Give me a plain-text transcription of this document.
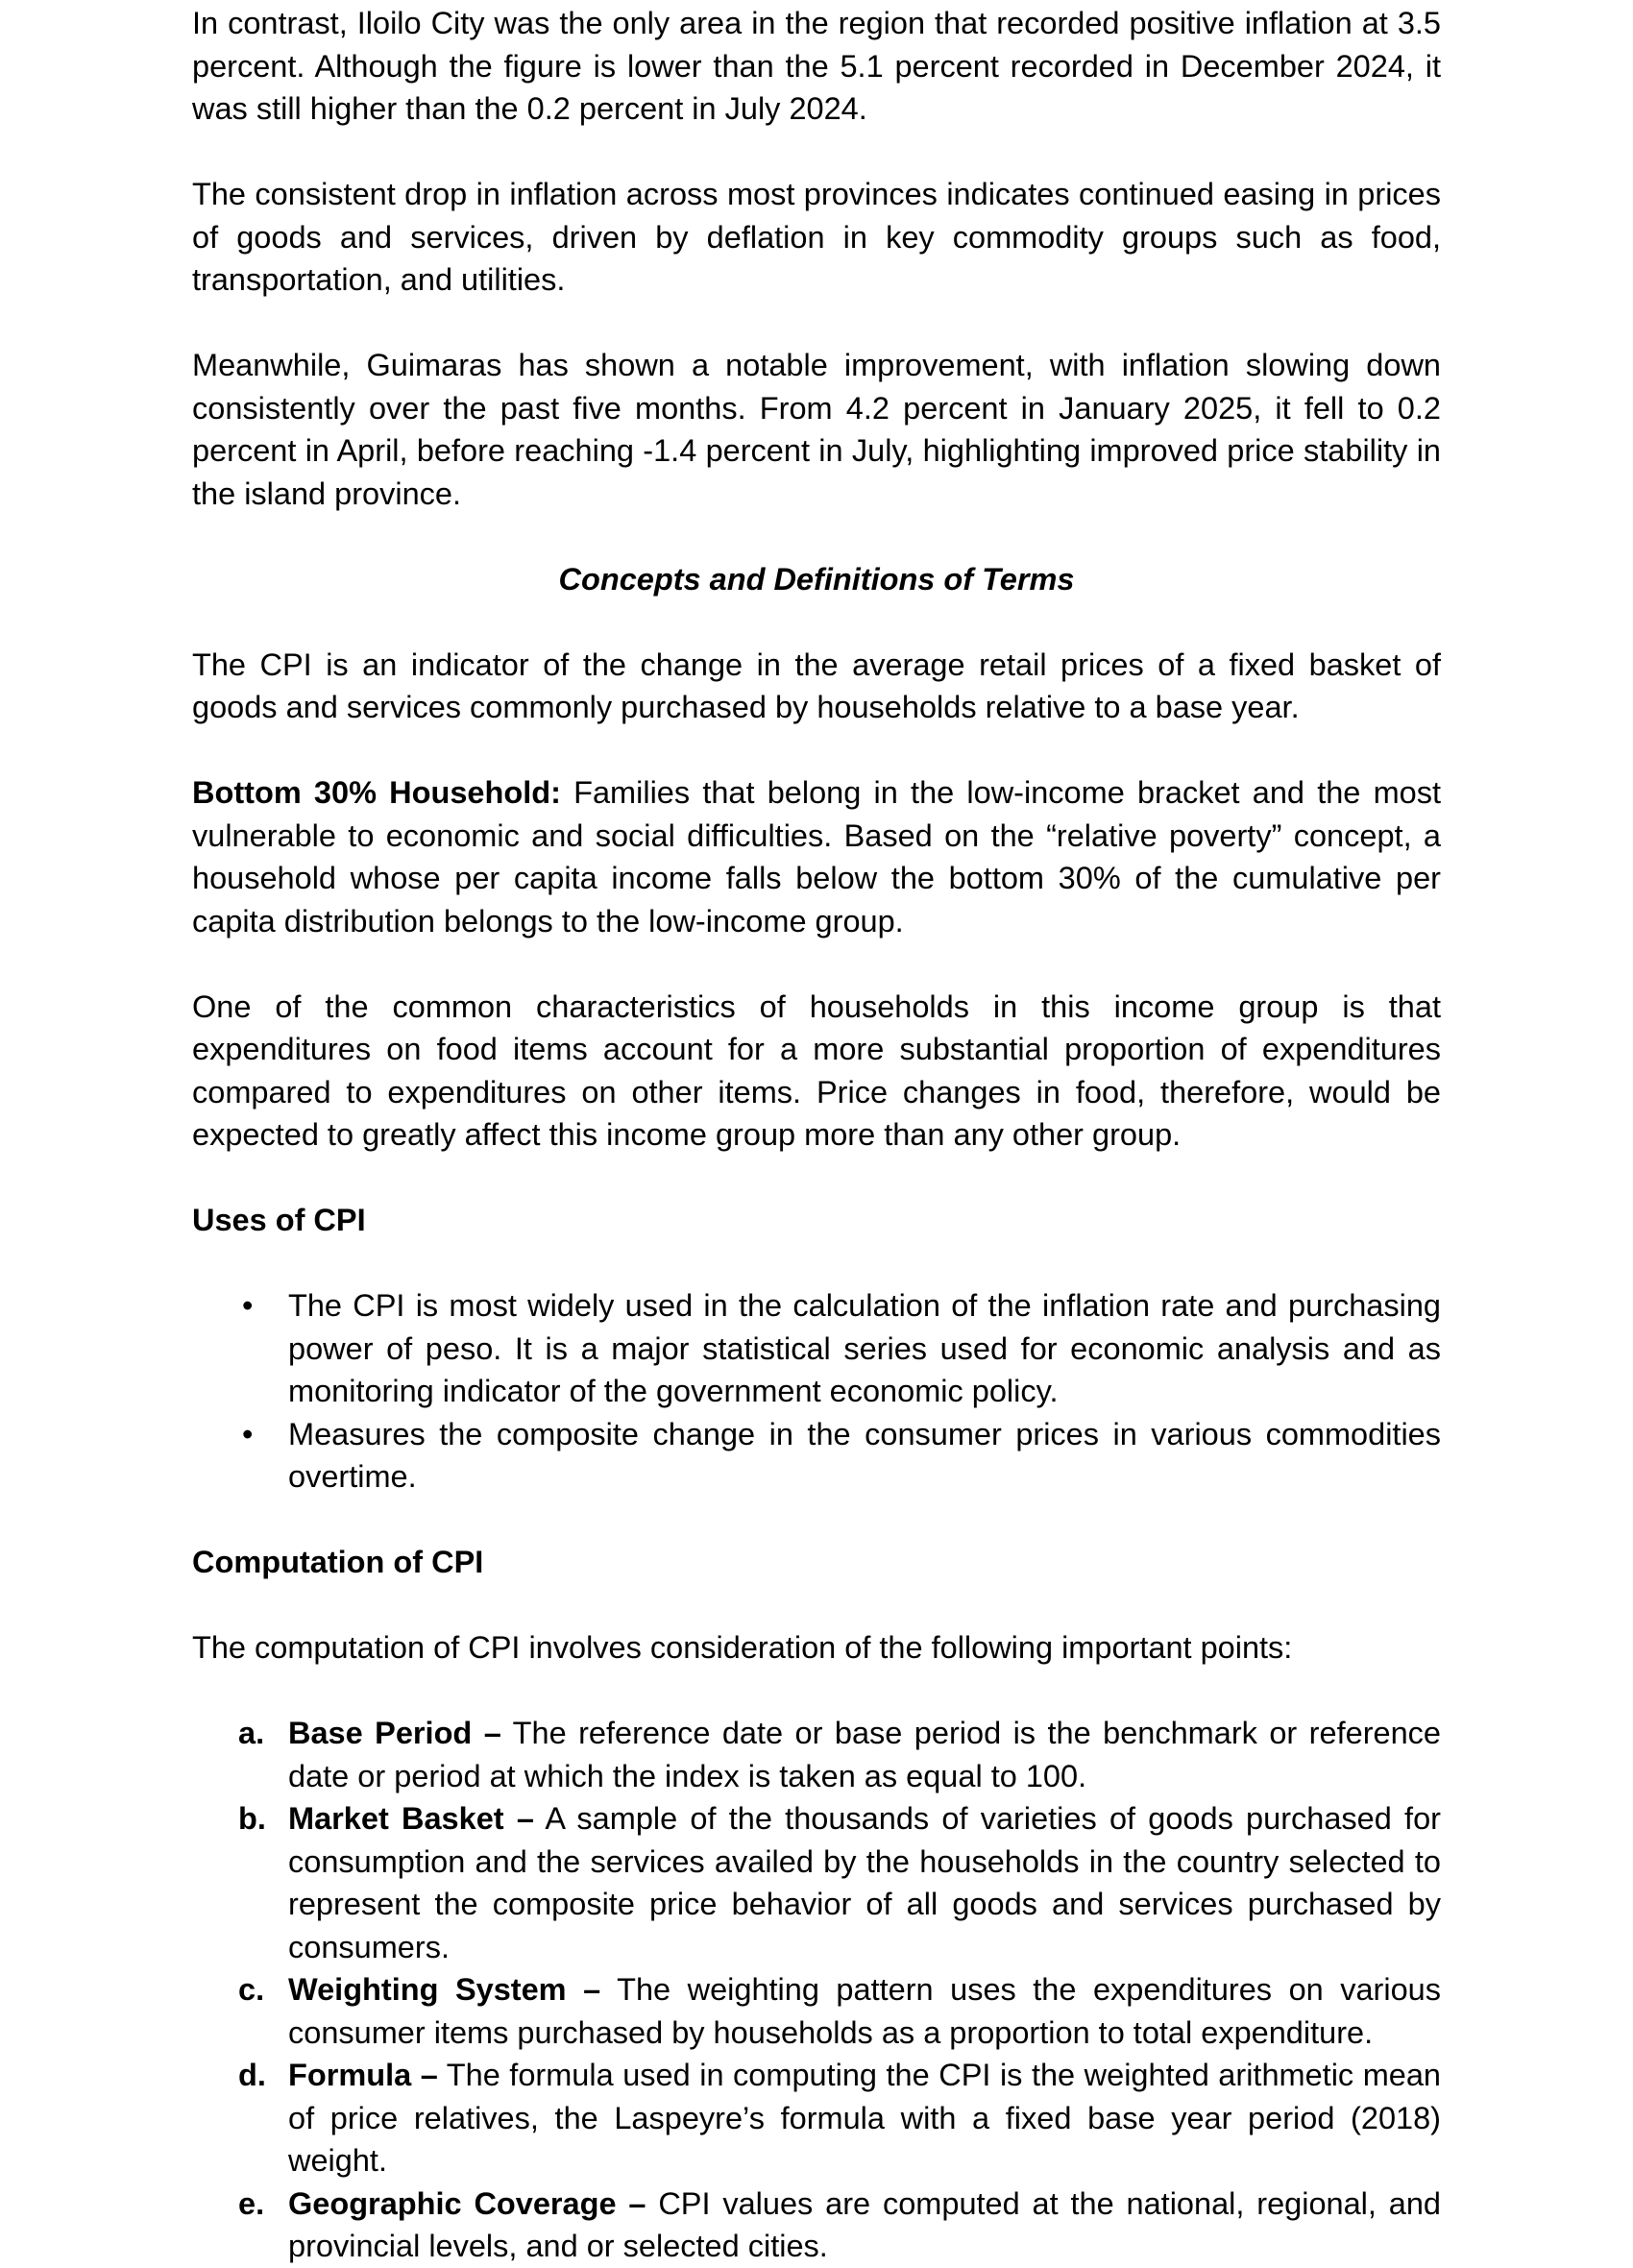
In contrast, Iloilo City was the only area in the region that recorded positive inflation at 3.5 percent. Although the figure is lower than the 5.1 percent recorded in December 2024, it was still higher than the 0.2 percent in July 2024.

The consistent drop in inflation across most provinces indicates continued easing in prices of goods and services, driven by deflation in key commodity groups such as food, transportation, and utilities.

Meanwhile, Guimaras has shown a notable improvement, with inflation slowing down consistently over the past five months. From 4.2 percent in January 2025, it fell to 0.2 percent in April, before reaching -1.4 percent in July, highlighting improved price stability in the island province.

Concepts and Definitions of Terms

The CPI is an indicator of the change in the average retail prices of a fixed basket of goods and services commonly purchased by households relative to a base year.

Bottom 30% Household: Families that belong in the low-income bracket and the most vulnerable to economic and social difficulties. Based on the “relative poverty” concept, a household whose per capita income falls below the bottom 30% of the cumulative per capita distribution belongs to the low-income group.

One of the common characteristics of households in this income group is that expenditures on food items account for a more substantial proportion of expenditures compared to expenditures on other items. Price changes in food, therefore, would be expected to greatly affect this income group more than any other group.

Uses of CPI
• The CPI is most widely used in the calculation of the inflation rate and purchasing power of peso. It is a major statistical series used for economic analysis and as monitoring indicator of the government economic policy.
• Measures the composite change in the consumer prices in various commodities overtime.
Computation of CPI

The computation of CPI involves consideration of the following important points:

a. Base Period – The reference date or base period is the benchmark or reference date or period at which the index is taken as equal to 100.
b. Market Basket – A sample of the thousands of varieties of goods purchased for consumption and the services availed by the households in the country selected to represent the composite price behavior of all goods and services purchased by consumers.
c. Weighting System – The weighting pattern uses the expenditures on various consumer items purchased by households as a proportion to total expenditure.
d. Formula – The formula used in computing the CPI is the weighted arithmetic mean of price relatives, the Laspeyre’s formula with a fixed base year period (2018) weight.
e. Geographic Coverage – CPI values are computed at the national, regional, and provincial levels, and or selected cities.
